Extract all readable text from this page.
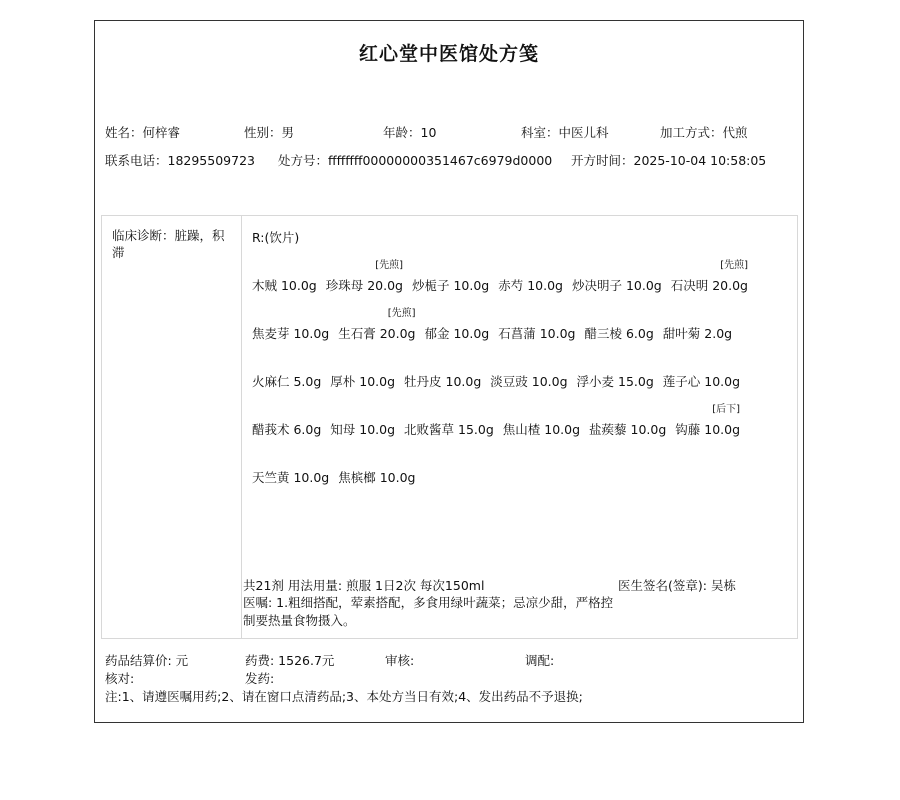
红心堂中医馆处方笺
姓名：何梓睿	性别：男	年龄：10	科室：中医儿科	加工方式：代煎
联系电话：18295509723 处方号：ffffffff00000000351467c6979d0000 开方时间：2025-10-04 10:58:05
临床诊断：脏躁，积滞
R:(饮片)
木贼 10.0g 珍珠母 20.0g
[先煎]
炒栀子 10.0g 赤芍 10.0g 炒决明子 10.0g 石决明 20.0g
[先煎]
焦麦芽 10.0g 生石膏 20.0g
[先煎]
郁金 10.0g 石菖蒲 10.0g 醋三棱 6.0g 甜叶菊 2.0g
火麻仁 5.0g 厚朴 10.0g 牡丹皮 10.0g 淡豆豉 10.0g 浮小麦 15.0g 莲子心 10.0g
醋莪术 6.0g 知母 10.0g 北败酱草 15.0g 焦山楂 10.0g 盐蒺藜 10.0g 钩藤 10.0g
[后下]
天竺黄 10.0g 焦槟榔 10.0g
共21剂 用法用量: 煎服 1日2次 每次150ml	医生签名(签章): 吴栋
医嘱: 1.粗细搭配，荤素搭配，多食用绿叶蔬菜；忌凉少甜，严格控制要热量食物摄入。
药品结算价: 元	药费: 1526.7元	审核:	调配:
核对:	发药:
注:1、请遵医嘱用药;2、请在窗口点清药品;3、本处方当日有效;4、发出药品不予退换;
